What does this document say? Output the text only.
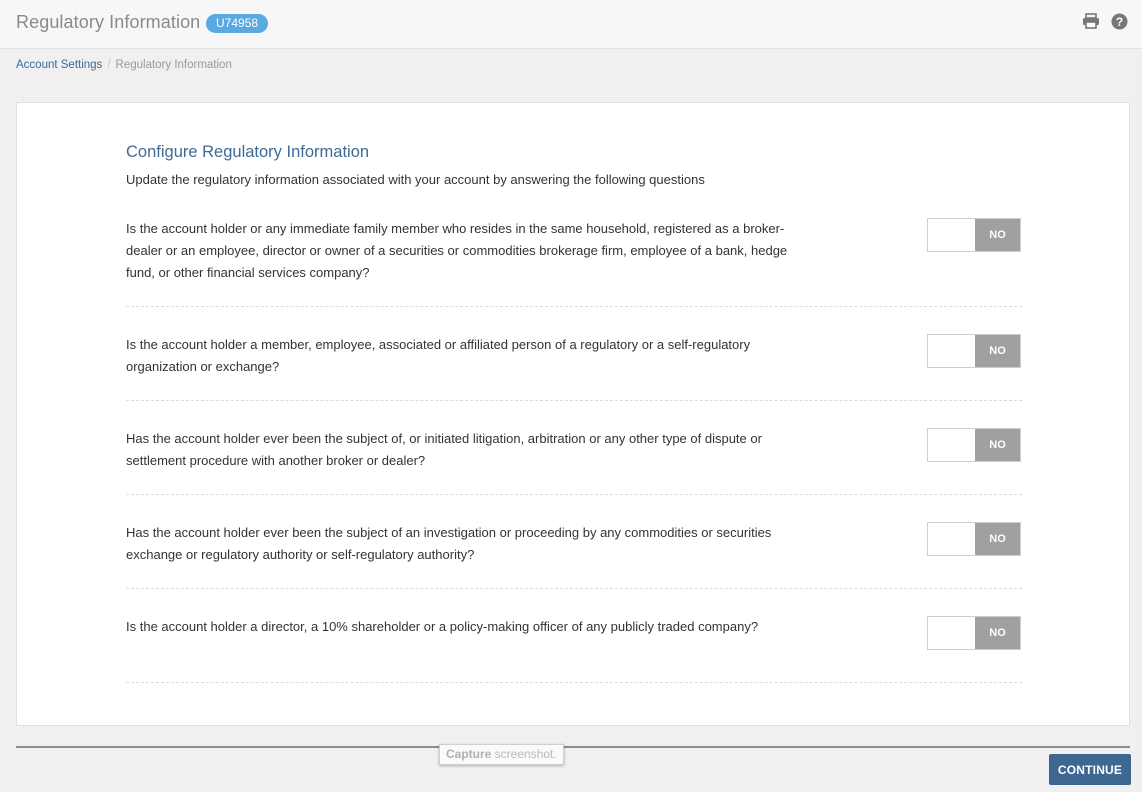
Regulatory Information	U74958	?
Account Settings / Regulatory Information
Configure Regulatory Information
Update the regulatory information associated with your account by answering the following questions
Is the account holder or any immediate family member who resides in the same household, registered as a broker-dealer or an employee, director or owner of a securities or commodities brokerage firm, employee of a bank, hedge fund, or other financial services company?
NO
Is the account holder a member, employee, associated or affiliated person of a regulatory or a self-regulatory organization or exchange?
NO
Has the account holder ever been the subject of, or initiated litigation, arbitration or any other type of dispute or settlement procedure with another broker or dealer?
NO
Has the account holder ever been the subject of an investigation or proceeding by any commodities or securities exchange or regulatory authority or self-regulatory authority?
NO
Is the account holder a director, a 10% shareholder or a policy-making officer of any publicly traded company?	NO
Capture screenshot.
CONTINUE
